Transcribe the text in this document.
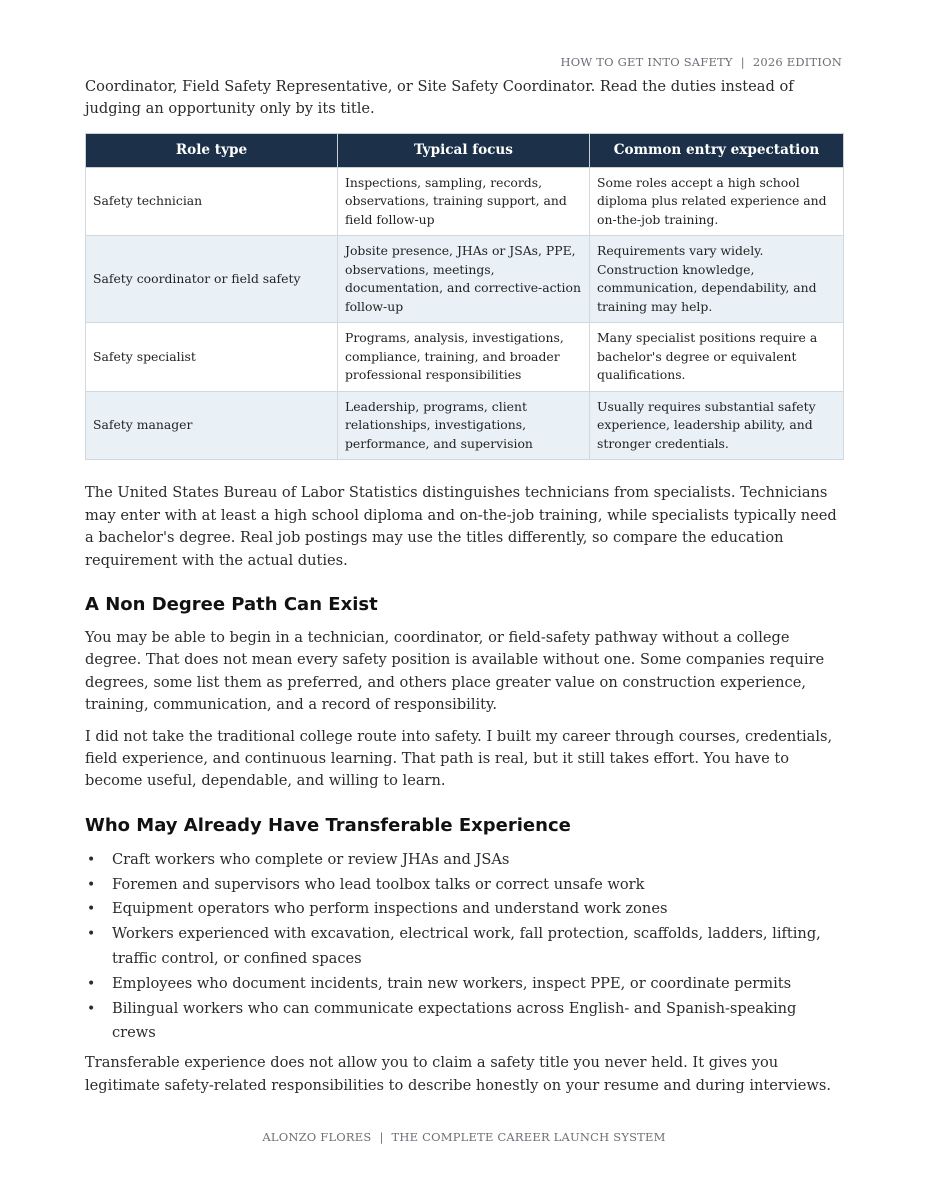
HOW TO GET INTO SAFETY | 2026 EDITION

Coordinator, Field Safety Representative, or Site Safety Coordinator. Read the duties instead of judging an opportunity only by its title.

Role type	Typical focus	Common entry expectation
Safety technician	Inspections, sampling, records, observations, training support, and field follow-up	Some roles accept a high school diploma plus related experience and on-the-job training.
Safety coordinator or field safety	Jobsite presence, JHAs or JSAs, PPE, observations, meetings, documentation, and corrective-action follow-up	Requirements vary widely. Construction knowledge, communication, dependability, and training may help.
Safety specialist	Programs, analysis, investigations, compliance, training, and broader professional responsibilities	Many specialist positions require a bachelor's degree or equivalent qualifications.
Safety manager	Leadership, programs, client relationships, investigations, performance, and supervision	Usually requires substantial safety experience, leadership ability, and stronger credentials.

The United States Bureau of Labor Statistics distinguishes technicians from specialists. Technicians may enter with at least a high school diploma and on-the-job training, while specialists typically need a bachelor's degree. Real job postings may use the titles differently, so compare the education requirement with the actual duties.

A Non Degree Path Can Exist

You may be able to begin in a technician, coordinator, or field-safety pathway without a college degree. That does not mean every safety position is available without one. Some companies require degrees, some list them as preferred, and others place greater value on construction experience, training, communication, and a record of responsibility.

I did not take the traditional college route into safety. I built my career through courses, credentials, field experience, and continuous learning. That path is real, but it still takes effort. You have to become useful, dependable, and willing to learn.

Who May Already Have Transferable Experience
• Craft workers who complete or review JHAs and JSAs
• Foremen and supervisors who lead toolbox talks or correct unsafe work
• Equipment operators who perform inspections and understand work zones
• Workers experienced with excavation, electrical work, fall protection, scaffolds, ladders, lifting, traffic control, or confined spaces
• Employees who document incidents, train new workers, inspect PPE, or coordinate permits
• Bilingual workers who can communicate expectations across English- and Spanish-speaking crews

Transferable experience does not allow you to claim a safety title you never held. It gives you legitimate safety-related responsibilities to describe honestly on your resume and during interviews.

ALONZO FLORES | THE COMPLETE CAREER LAUNCH SYSTEM
